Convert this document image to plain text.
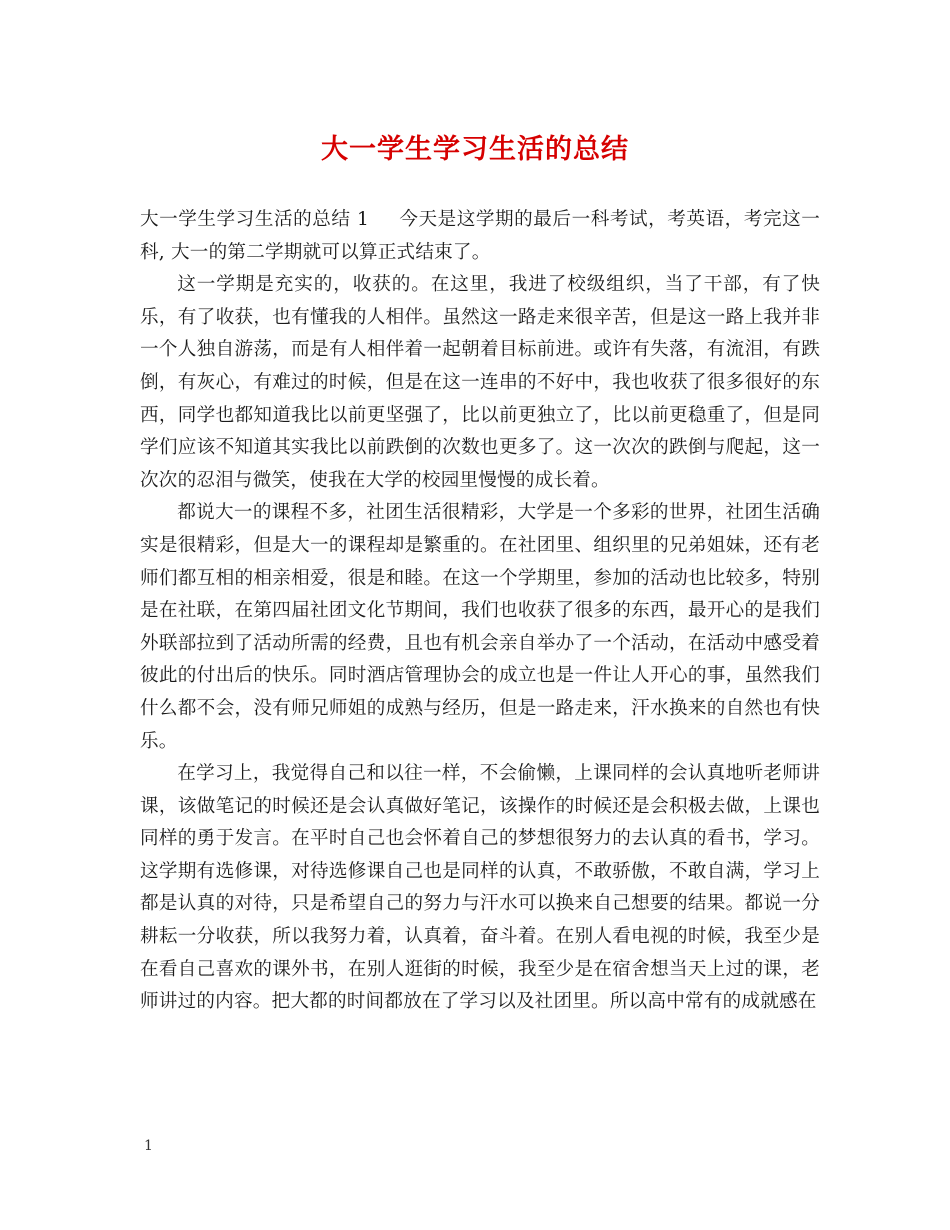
大一学生学习生活的总结

大一学生学习生活的总结 1 今天是这学期的最后一科考试，考英语，考完这一科, 大一的第二学期就可以算正式结束了。

这一学期是充实的，收获的。在这里，我进了校级组织，当了干部，有了快乐，有了收获，也有懂我的人相伴。虽然这一路走来很辛苦，但是这一路上我并非一个人独自游荡，而是有人相伴着一起朝着目标前进。或许有失落，有流泪，有跌倒，有灰心，有难过的时候，但是在这一连串的不好中，我也收获了很多很好的东西，同学也都知道我比以前更坚强了，比以前更独立了，比以前更稳重了，但是同学们应该不知道其实我比以前跌倒的次数也更多了。这一次次的跌倒与爬起，这一次次的忍泪与微笑，使我在大学的校园里慢慢的成长着。

都说大一的课程不多，社团生活很精彩，大学是一个多彩的世界，社团生活确实是很精彩，但是大一的课程却是繁重的。在社团里、组织里的兄弟姐妹，还有老师们都互相的相亲相爱，很是和睦。在这一个学期里，参加的活动也比较多，特别是在社联，在第四届社团文化节期间，我们也收获了很多的东西，最开心的是我们外联部拉到了活动所需的经费，且也有机会亲自举办了一个活动，在活动中感受着彼此的付出后的快乐。同时酒店管理协会的成立也是一件让人开心的事，虽然我们什么都不会，没有师兄师姐的成熟与经历，但是一路走来，汗水换来的自然也有快乐。

在学习上，我觉得自己和以往一样，不会偷懒，上课同样的会认真地听老师讲课，该做笔记的时候还是会认真做好笔记，该操作的时候还是会积极去做，上课也同样的勇于发言。在平时自己也会怀着自己的梦想很努力的去认真的看书，学习。这学期有选修课，对待选修课自己也是同样的认真，不敢骄傲，不敢自满，学习上都是认真的对待，只是希望自己的努力与汗水可以换来自己想要的结果。都说一分耕耘一分收获，所以我努力着，认真着，奋斗着。在别人看电视的时候，我至少是在看自己喜欢的课外书，在别人逛街的时候，我至少是在宿舍想当天上过的课，老师讲过的内容。把大都的时间都放在了学习以及社团里。所以高中常有的成就感在

1
